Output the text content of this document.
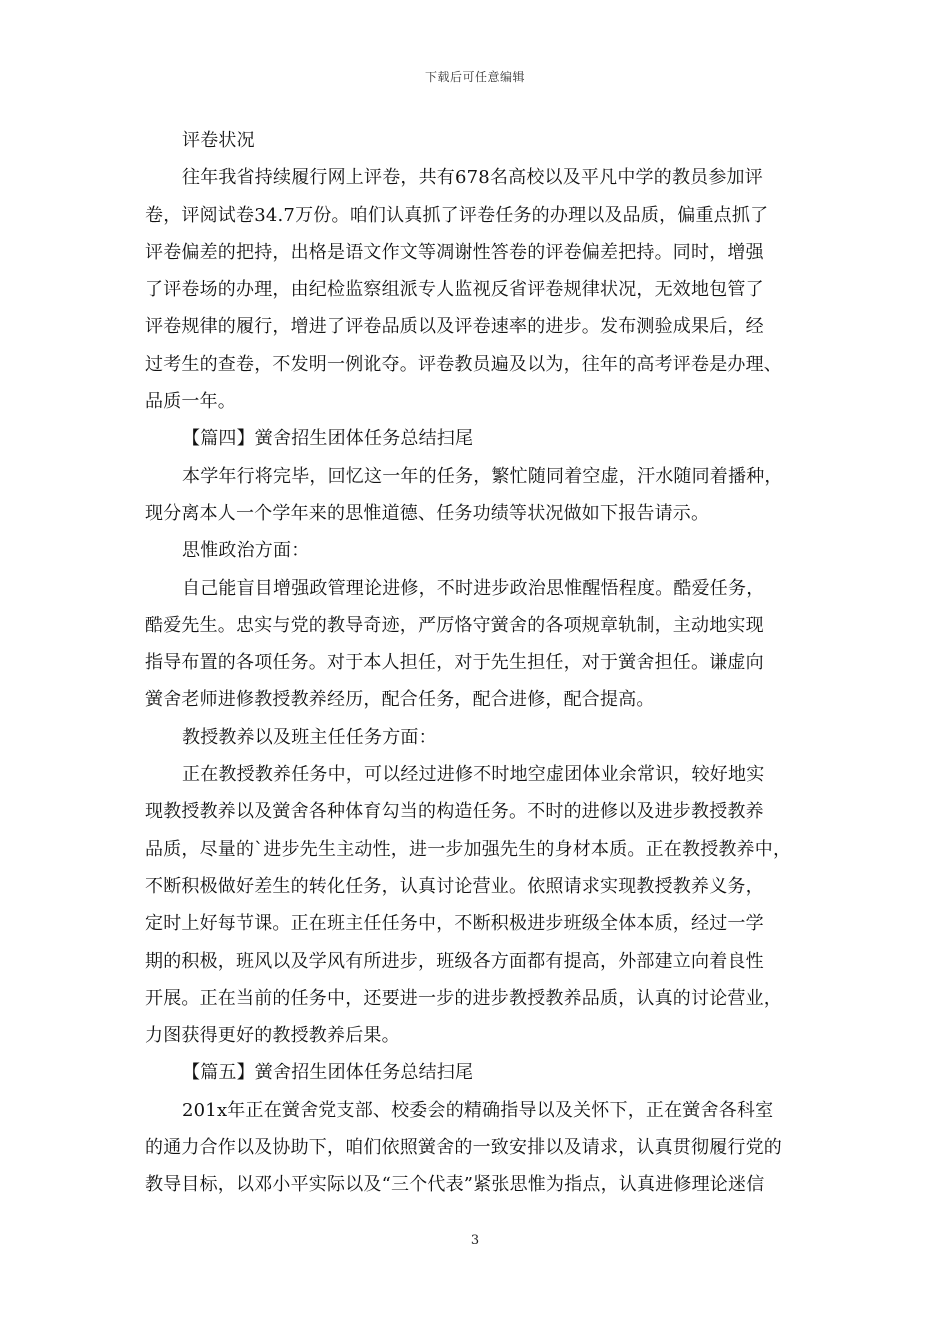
下载后可任意编辑
评卷状况
往年我省持续履行网上评卷，共有678名高校以及平凡中学的教员参加评
卷，评阅试卷34.7万份。咱们认真抓了评卷任务的办理以及品质，偏重点抓了
评卷偏差的把持，出格是语文作文等凋谢性答卷的评卷偏差把持。同时，增强
了评卷场的办理，由纪检监察组派专人监视反省评卷规律状况，无效地包管了
评卷规律的履行，增进了评卷品质以及评卷速率的进步。发布测验成果后，经
过考生的查卷，不发明一例讹夺。评卷教员遍及以为，往年的高考评卷是办理、
品质一年。
【篇四】黉舍招生团体任务总结扫尾
本学年行将完毕，回忆这一年的任务，繁忙随同着空虚，汗水随同着播种，
现分离本人一个学年来的思惟道德、任务功绩等状况做如下报告请示。
思惟政治方面：
自己能盲目增强政管理论进修，不时进步政治思惟醒悟程度。酷爱任务，
酷爱先生。忠实与党的教导奇迹，严厉恪守黉舍的各项规章轨制，主动地实现
指导布置的各项任务。对于本人担任，对于先生担任，对于黉舍担任。谦虚向
黉舍老师进修教授教养经历，配合任务，配合进修，配合提高。
教授教养以及班主任任务方面：
正在教授教养任务中，可以经过进修不时地空虚团体业余常识，较好地实
现教授教养以及黉舍各种体育勾当的构造任务。不时的进修以及进步教授教养
品质，尽量的`进步先生主动性，进一步加强先生的身材本质。正在教授教养中，
不断积极做好差生的转化任务，认真讨论营业。依照请求实现教授教养义务，
定时上好每节课。正在班主任任务中，不断积极进步班级全体本质，经过一学
期的积极，班风以及学风有所进步，班级各方面都有提高，外部建立向着良性
开展。正在当前的任务中，还要进一步的进步教授教养品质，认真的讨论营业，
力图获得更好的教授教养后果。
【篇五】黉舍招生团体任务总结扫尾
201x年正在黉舍党支部、校委会的精确指导以及关怀下，正在黉舍各科室
的通力合作以及协助下，咱们依照黉舍的一致安排以及请求，认真贯彻履行党的
教导目标，以邓小平实际以及“三个代表”紧张思惟为指点，认真进修理论迷信
3
